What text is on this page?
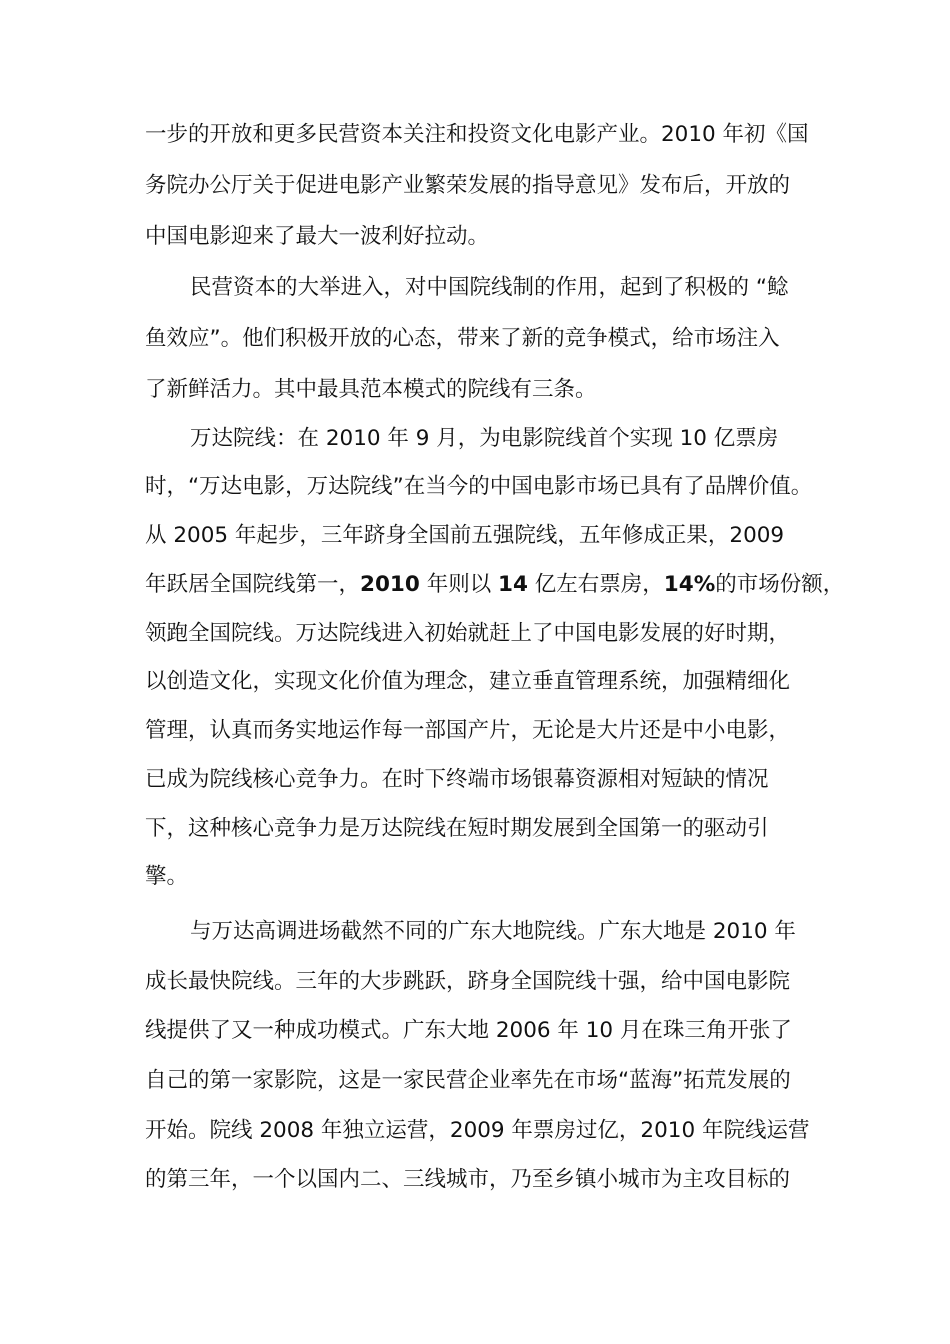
一步的开放和更多民营资本关注和投资文化电影产业。2010 年初《国
务院办公厅关于促进电影产业繁荣发展的指导意见》发布后，开放的
中国电影迎来了最大一波利好拉动。
民营资本的大举进入，对中国院线制的作用，起到了积极的 “鲶
鱼效应”。他们积极开放的心态，带来了新的竞争模式，给市场注入
了新鲜活力。其中最具范本模式的院线有三条。
万达院线：在 2010 年 9 月，为电影院线首个实现 10 亿票房
时，“万达电影，万达院线”在当今的中国电影市场已具有了品牌价值。
从 2005 年起步，三年跻身全国前五强院线，五年修成正果，2009
年跃居全国院线第一，2010 年则以 14 亿左右票房，14%的市场份额，
领跑全国院线。万达院线进入初始就赶上了中国电影发展的好时期，
以创造文化，实现文化价值为理念，建立垂直管理系统，加强精细化
管理，认真而务实地运作每一部国产片，无论是大片还是中小电影，
已成为院线核心竞争力。在时下终端市场银幕资源相对短缺的情况
下，这种核心竞争力是万达院线在短时期发展到全国第一的驱动引
擎。
与万达高调进场截然不同的广东大地院线。广东大地是 2010 年
成长最快院线。三年的大步跳跃，跻身全国院线十强，给中国电影院
线提供了又一种成功模式。广东大地 2006 年 10 月在珠三角开张了
自己的第一家影院，这是一家民营企业率先在市场“蓝海”拓荒发展的
开始。院线 2008 年独立运营，2009 年票房过亿，2010 年院线运营
的第三年，一个以国内二、三线城市，乃至乡镇小城市为主攻目标的
